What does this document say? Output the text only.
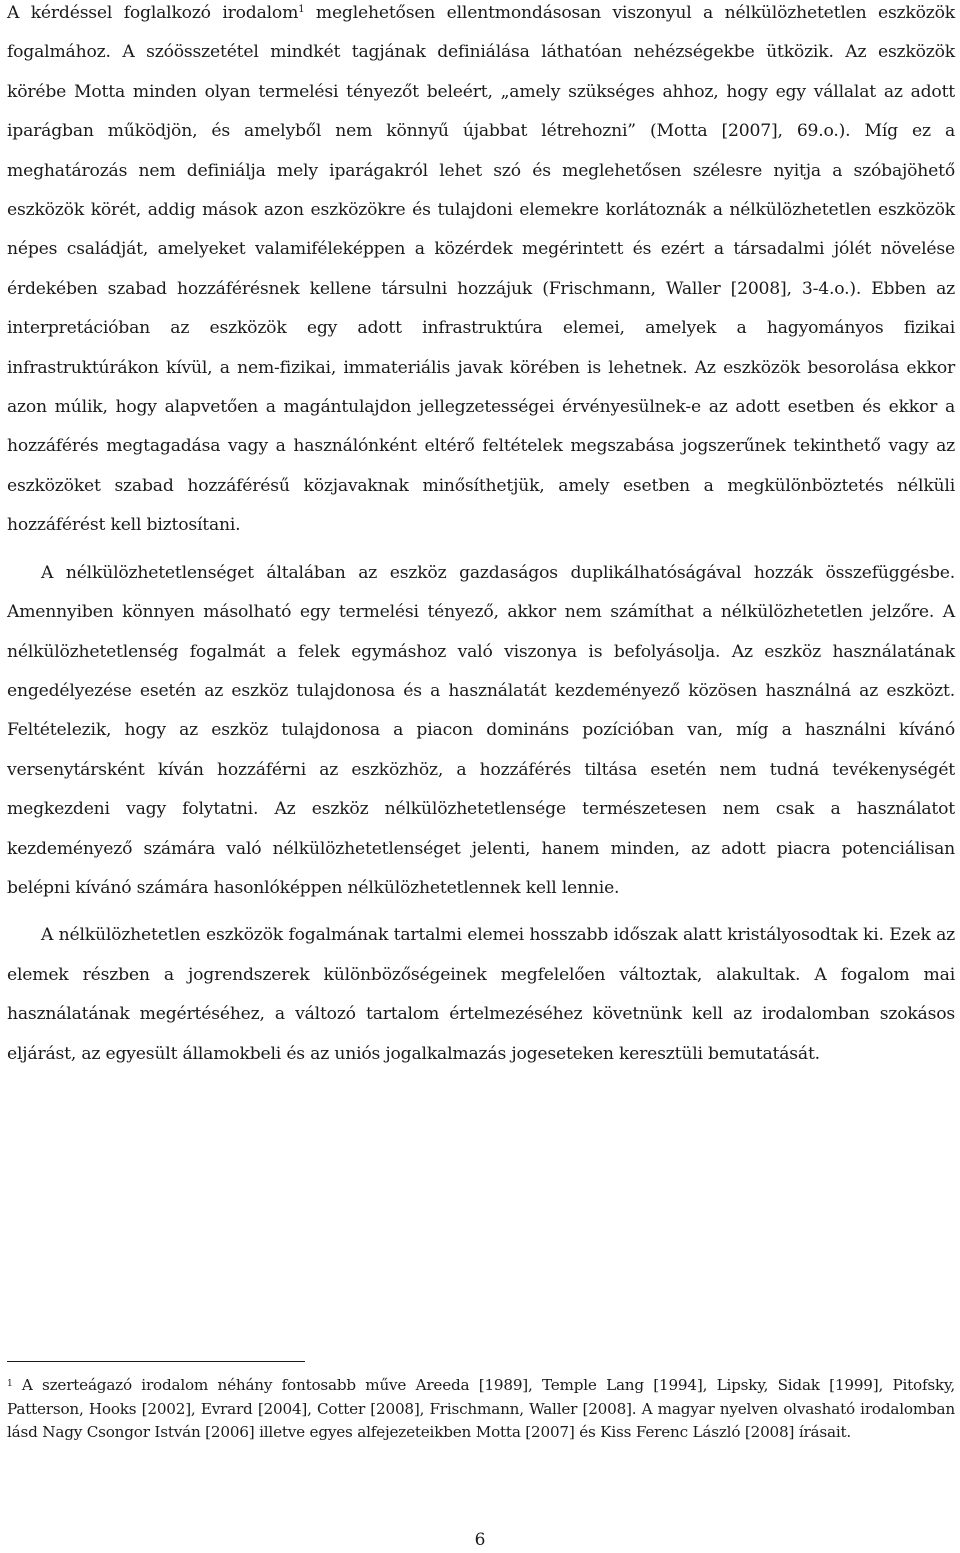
A kérdéssel foglalkozó irodalom$^1$ meglehetősen ellentmondásosan viszonyul a nélkülözhetetlen eszközök fogalmához. A szóösszetétel mindkét tagjának definiálása láthatóan nehézségekbe ütközik. Az eszközök körébe Motta minden olyan termelési tényezőt beleért, „amely szükséges ahhoz, hogy egy vállalat az adott iparágban működjön, és amelyből nem könnyű újabbat létrehozni” (Motta [2007], 69.o.). Míg ez a meghatározás nem definiálja mely iparágakról lehet szó és meglehetősen szélesre nyitja a szóbajöhető eszközök körét, addig mások azon eszközökre és tulajdoni elemekre korlátoznák a nélkülözhetetlen eszközök népes családját, amelyeket valamiféleképpen a közérdek megérintett és ezért a társadalmi jólét növelése érdekében szabad hozzáférésnek kellene társulni hozzájuk (Frischmann, Waller [2008], 3-4.o.). Ebben az interpretációban az eszközök egy adott infrastruktúra elemei, amelyek a hagyományos fizikai infrastruktúrákon kívül, a nem-fizikai, immateriális javak körében is lehetnek. Az eszközök besorolása ekkor azon múlik, hogy alapvetően a magántulajdon jellegzetességei érvényesülnek-e az adott esetben és ekkor a hozzáférés megtagadása vagy a használónként eltérő feltételek megszabása jogszerűnek tekinthető vagy az eszközöket szabad hozzáférésű közjavaknak minősíthetjük, amely esetben a megkülönböztetés nélküli hozzáférést kell biztosítani.

A nélkülözhetetlenséget általában az eszköz gazdaságos duplikálhatóságával hozzák összefüggésbe. Amennyiben könnyen másolható egy termelési tényező, akkor nem számíthat a nélkülözhetetlen jelzőre. A nélkülözhetetlenség fogalmát a felek egymáshoz való viszonya is befolyásolja. Az eszköz használatának engedélyezése esetén az eszköz tulajdonosa és a használatát kezdeményező közösen használná az eszközt. Feltételezik, hogy az eszköz tulajdonosa a piacon domináns pozícióban van, míg a használni kívánó versenytársként kíván hozzáférni az eszközhöz, a hozzáférés tiltása esetén nem tudná tevékenységét megkezdeni vagy folytatni. Az eszköz nélkülözhetetlensége természetesen nem csak a használatot kezdeményező számára való nélkülözhetetlenséget jelenti, hanem minden, az adott piacra potenciálisan belépni kívánó számára hasonlóképpen nélkülözhetetlennek kell lennie.

A nélkülözhetetlen eszközök fogalmának tartalmi elemei hosszabb időszak alatt kristályosodtak ki. Ezek az elemek részben a jogrendszerek különbözőségeinek megfelelően változtak, alakultak. A fogalom mai használatának megértéséhez, a változó tartalom értelmezéséhez követnünk kell az irodalomban szokásos eljárást, az egyesült államokbeli és az uniós jogalkalmazás jogeseteken keresztüli bemutatását.

$^1$ A szerteágazó irodalom néhány fontosabb műve Areeda [1989], Temple Lang [1994], Lipsky, Sidak [1999], Pitofsky, Patterson, Hooks [2002], Evrard [2004], Cotter [2008], Frischmann, Waller [2008]. A magyar nyelven olvasható irodalomban lásd Nagy Csongor István [2006] illetve egyes alfejezeteikben Motta [2007] és Kiss Ferenc László [2008] írásait.

6
